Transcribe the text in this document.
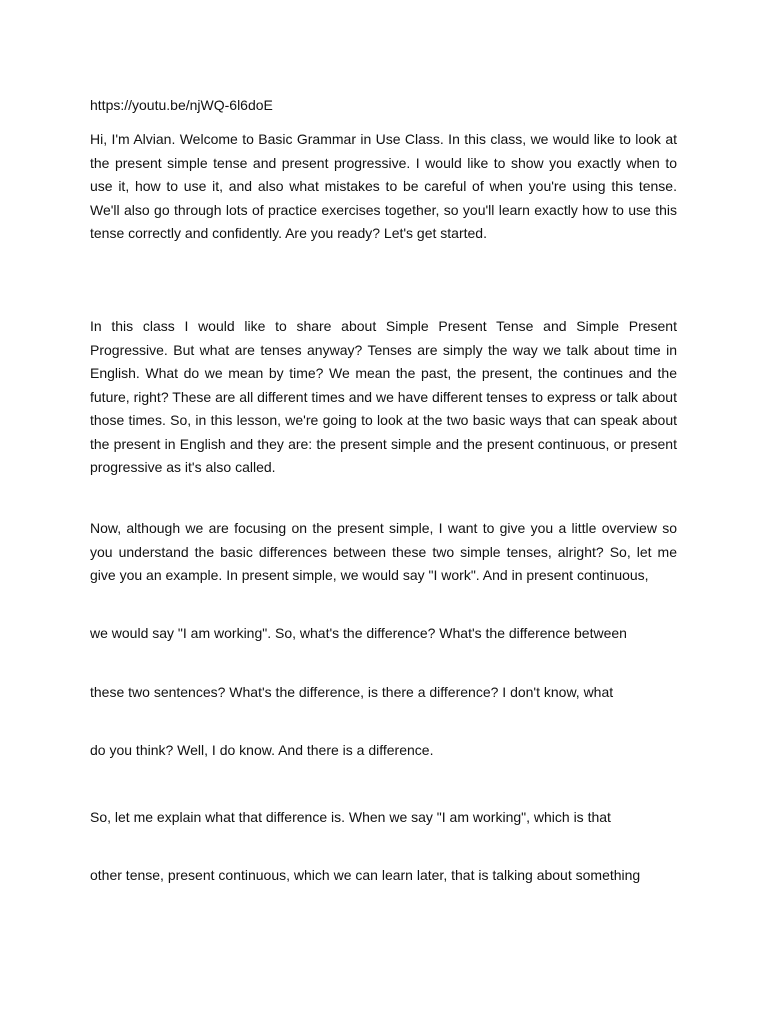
https://youtu.be/njWQ-6l6doE

Hi, I'm Alvian. Welcome to Basic Grammar in Use Class. In this class, we would like to look at the present simple tense and present progressive. I would like to show you exactly when to use it, how to use it, and also what mistakes to be careful of when you're using this tense. We'll also go through lots of practice exercises together, so you'll learn exactly how to use this tense correctly and confidently. Are you ready? Let's get started.

In this class I would like to share about Simple Present Tense and Simple Present Progressive. But what are tenses anyway? Tenses are simply the way we talk about time in English. What do we mean by time? We mean the past, the present, the continues and the future, right? These are all different times and we have different tenses to express or talk about those times. So, in this lesson, we're going to look at the two basic ways that can speak about the present in English and they are: the present simple and the present continuous, or present progressive as it's also called.

Now, although we are focusing on the present simple, I want to give you a little overview so you understand the basic differences between these two simple tenses, alright? So, let me give you an example. In present simple, we would say "I work". And in present continuous,

we would say "I am working". So, what's the difference? What's the difference between

these two sentences? What's the difference, is there a difference? I don't know, what

do you think? Well, I do know. And there is a difference.

So, let me explain what that difference is. When we say "I am working", which is that

other tense, present continuous, which we can learn later, that is talking about something
